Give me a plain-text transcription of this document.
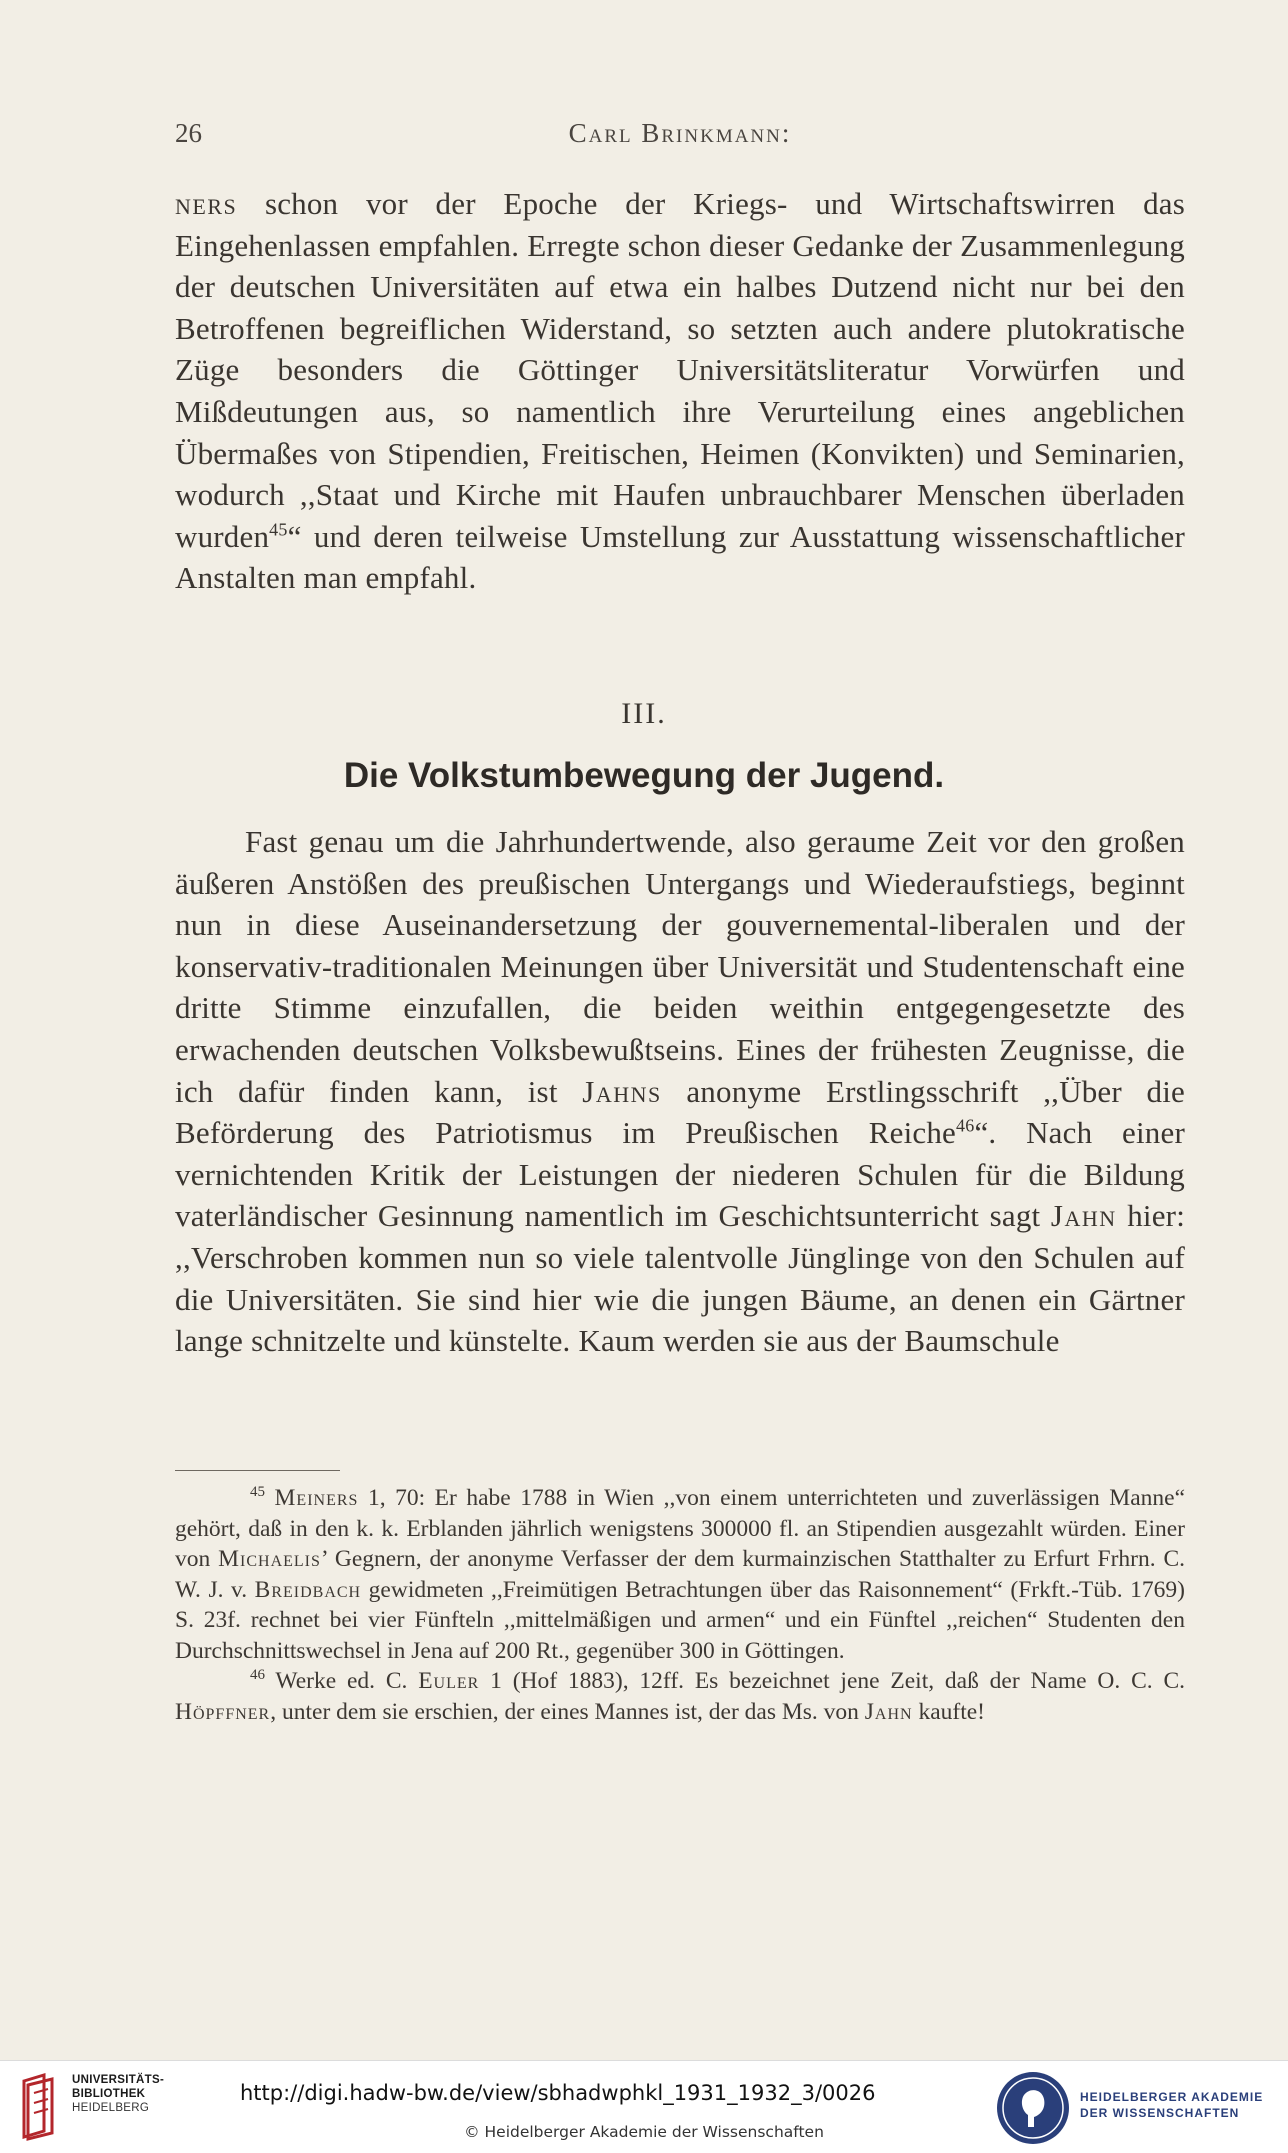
26	Carl Brinkmann:

ners schon vor der Epoche der Kriegs- und Wirtschaftswirren das Eingehenlassen empfahlen. Erregte schon dieser Gedanke der Zusammenlegung der deutschen Universitäten auf etwa ein halbes Dutzend nicht nur bei den Betroffenen begreiflichen Widerstand, so setzten auch andere plutokratische Züge besonders die Göttinger Universitätsliteratur Vorwürfen und Mißdeutungen aus, so namentlich ihre Verurteilung eines angeblichen Übermaßes von Stipendien, Freitischen, Heimen (Konvikten) und Seminarien, wodurch ,,Staat und Kirche mit Haufen unbrauchbarer Menschen überladen wurden$^{45}$“ und deren teilweise Umstellung zur Ausstattung wissenschaftlicher Anstalten man empfahl.

III.
Die Volkstumbewegung der Jugend.

Fast genau um die Jahrhundertwende, also geraume Zeit vor den großen äußeren Anstößen des preußischen Untergangs und Wiederaufstiegs, beginnt nun in diese Auseinandersetzung der gouvernemental-liberalen und der konservativ-traditionalen Meinungen über Universität und Studentenschaft eine dritte Stimme einzufallen, die beiden weithin entgegengesetzte des erwachenden deutschen Volksbewußtseins. Eines der frühesten Zeugnisse, die ich dafür finden kann, ist Jahns anonyme Erstlingsschrift ,,Über die Beförderung des Patriotismus im Preußischen Reiche$^{46}$“. Nach einer vernichtenden Kritik der Leistungen der niederen Schulen für die Bildung vaterländischer Gesinnung namentlich im Geschichtsunterricht sagt Jahn hier: ,,Verschroben kommen nun so viele talentvolle Jünglinge von den Schulen auf die Universitäten. Sie sind hier wie die jungen Bäume, an denen ein Gärtner lange schnitzelte und künstelte. Kaum werden sie aus der Baumschule

$^{45}$ Meiners 1, 70: Er habe 1788 in Wien ,,von einem unterrichteten und zuverlässigen Manne“ gehört, daß in den k. k. Erblanden jährlich wenigstens 300000 fl. an Stipendien ausgezahlt würden. Einer von Michaelis’ Gegnern, der anonyme Verfasser der dem kurmainzischen Statthalter zu Erfurt Frhrn. C. W. J. v. Breidbach gewidmeten ,,Freimütigen Betrachtungen über das Raisonnement“ (Frkft.-Tüb. 1769) S. 23f. rechnet bei vier Fünfteln ,,mittelmäßigen und armen“ und ein Fünftel ,,reichen“ Studenten den Durchschnittswechsel in Jena auf 200 Rt., gegenüber 300 in Göttingen.

$^{46}$ Werke ed. C. Euler 1 (Hof 1883), 12ff. Es bezeichnet jene Zeit, daß der Name O. C. C. Höpffner, unter dem sie erschien, der eines Mannes ist, der das Ms. von Jahn kaufte!

UNIVERSITÄTS-
BIBLIOTHEK
HEIDELBERG
http://digi.hadw-bw.de/view/sbhadwphkl_1931_1932_3/0026
© Heidelberger Akademie der Wissenschaften
HEIDELBERGER AKADEMIE
DER WISSENSCHAFTEN
